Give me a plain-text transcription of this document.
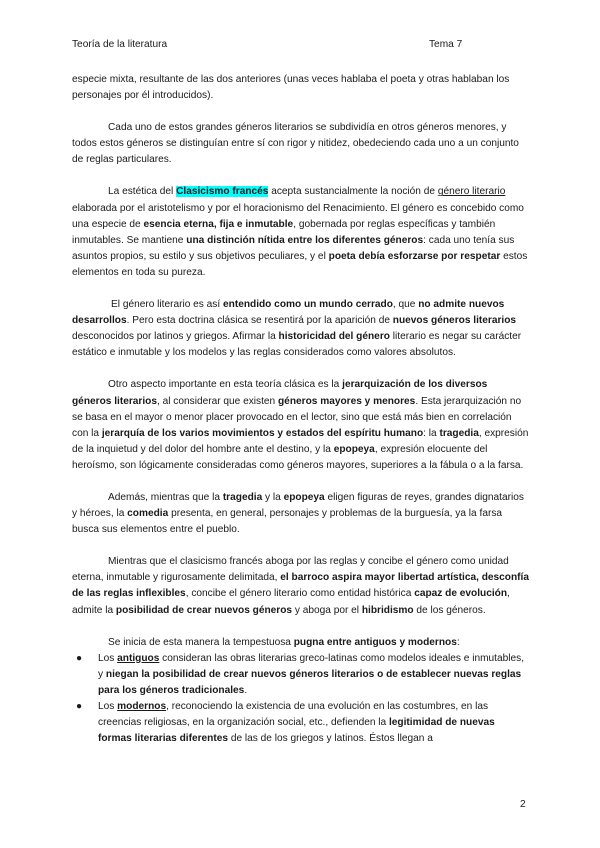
Teoría de la literatura	Tema 7

especie mixta, resultante de las dos anteriores (unas veces hablaba el poeta y otras hablaban los personajes por él introducidos).

Cada uno de estos grandes géneros literarios se subdividía en otros géneros menores, y todos estos géneros se distinguían entre sí con rigor y nitidez, obedeciendo cada uno a un conjunto de reglas particulares.

La estética del Clasicismo francés acepta sustancialmente la noción de género literario elaborada por el aristotelismo y por el horacionismo del Renacimiento. El género es concebido como una especie de esencia eterna, fija e inmutable, gobernada por reglas específicas y también inmutables. Se mantiene una distinción nítida entre los diferentes géneros: cada uno tenía sus asuntos propios, su estilo y sus objetivos peculiares, y el poeta debía esforzarse por respetar estos elementos en toda su pureza.

El género literario es así entendido como un mundo cerrado, que no admite nuevos desarrollos. Pero esta doctrina clásica se resentirá por la aparición de nuevos géneros literarios desconocidos por latinos y griegos. Afirmar la historicidad del género literario es negar su carácter estático e inmutable y los modelos y las reglas considerados como valores absolutos.

Otro aspecto importante en esta teoría clásica es la jerarquización de los diversos géneros literarios, al considerar que existen géneros mayores y menores. Esta jerarquización no se basa en el mayor o menor placer provocado en el lector, sino que está más bien en correlación con la jerarquía de los varios movimientos y estados del espíritu humano: la tragedia, expresión de la inquietud y del dolor del hombre ante el destino, y la epopeya, expresión elocuente del heroísmo, son lógicamente consideradas como géneros mayores, superiores a la fábula o a la farsa.

Además, mientras que la tragedia y la epopeya eligen figuras de reyes, grandes dignatarios y héroes, la comedia presenta, en general, personajes y problemas de la burguesía, ya la farsa busca sus elementos entre el pueblo.

Mientras que el clasicismo francés aboga por las reglas y concibe el género como unidad eterna, inmutable y rigurosamente delimitada, el barroco aspira mayor libertad artística, desconfía de las reglas inflexibles, concibe el género literario como entidad histórica capaz de evolución, admite la posibilidad de crear nuevos géneros y aboga por el hibridismo de los géneros.

Se inicia de esta manera la tempestuosa pugna entre antiguos y modernos:

● Los antiguos consideran las obras literarias greco-latinas como modelos ideales e inmutables, y niegan la posibilidad de crear nuevos géneros literarios o de establecer nuevas reglas para los géneros tradicionales.
● Los modernos, reconociendo la existencia de una evolución en las costumbres, en las creencias religiosas, en la organización social, etc., defienden la legitimidad de nuevas formas literarias diferentes de las de los griegos y latinos. Éstos llegan a
2
